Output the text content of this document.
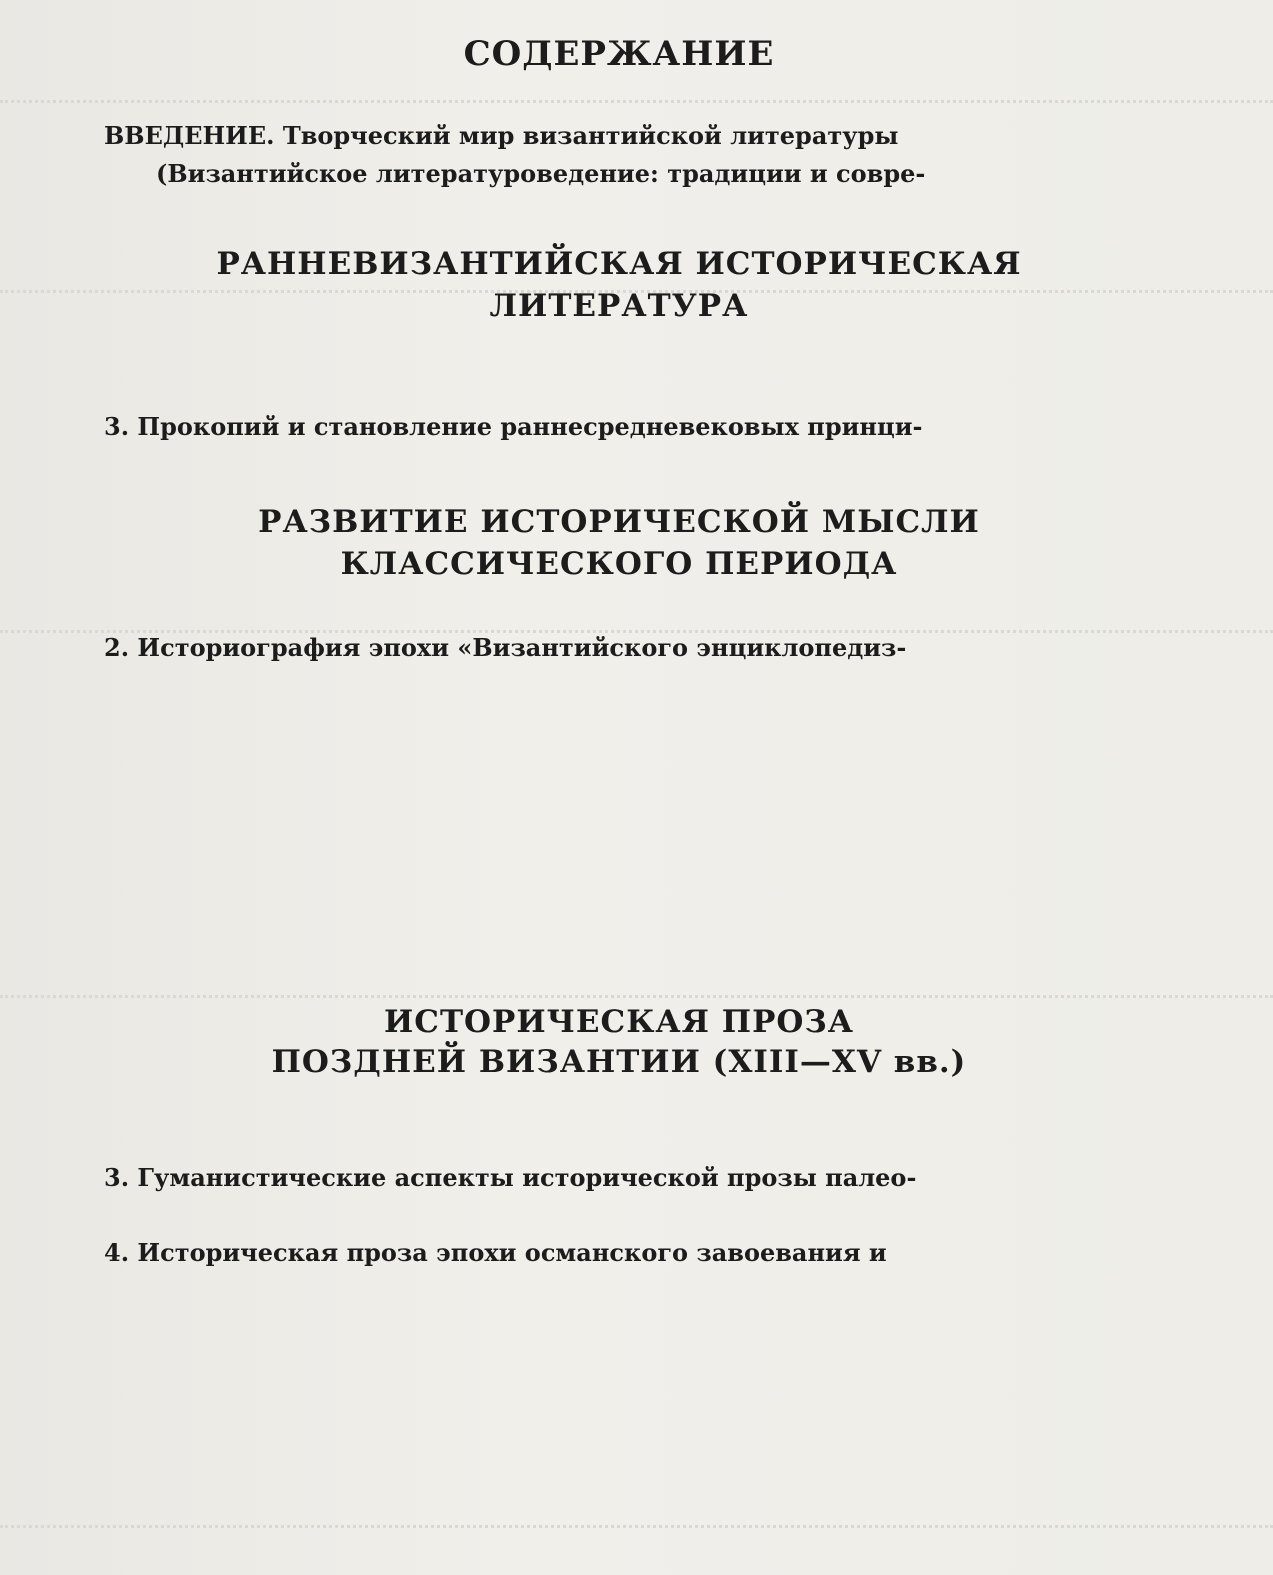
СОДЕРЖАНИЕ
ВВЕДЕНИЕ. Творческий мир византийской литературы
(Византийское литературоведение: традиции и совре-
РАННЕВИЗАНТИЙСКАЯ ИСТОРИЧЕСКАЯ
ЛИТЕРАТУРА
3. Прокопий и становление раннесредневековых принци-
РАЗВИТИЕ ИСТОРИЧЕСКОЙ МЫСЛИ
КЛАССИЧЕСКОГО ПЕРИОДА
2. Историография эпохи «Византийского энциклопедиз-
ИСТОРИЧЕСКАЯ ПРОЗА
ПОЗДНЕЙ ВИЗАНТИИ (XIII—XV вв.)
3. Гуманистические аспекты исторической прозы палео-
4. Историческая проза эпохи османского завоевания и
